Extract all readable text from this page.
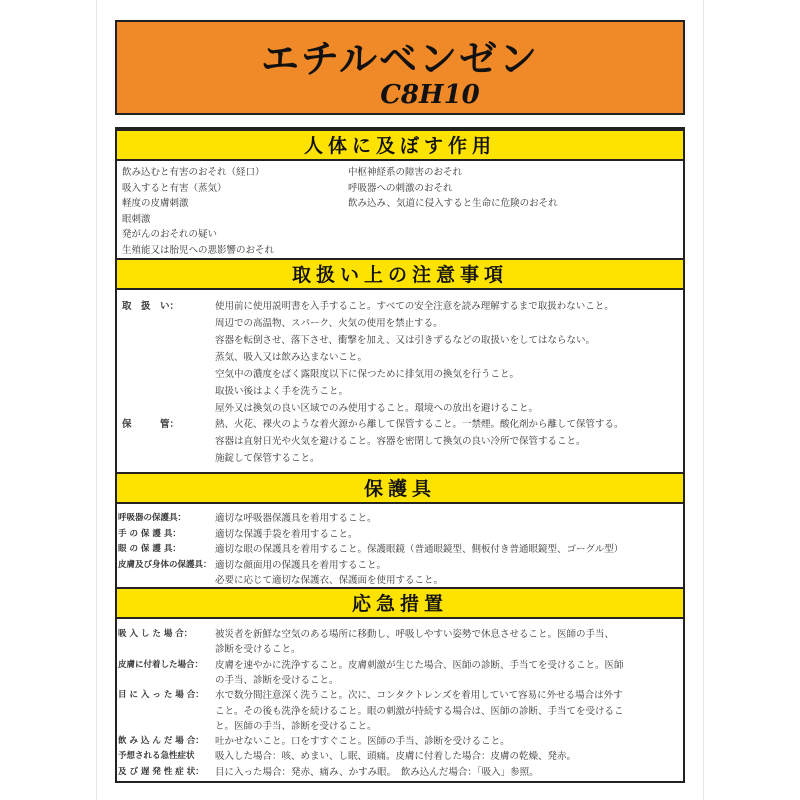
エチルベンゼン
C8H10
人体に及ぼす作用
飲み込むと有害のおそれ（経口）
吸入すると有害（蒸気）
軽度の皮膚刺激
眼刺激
発がんのおそれの疑い
生殖能又は胎児への悪影響のおそれ
中枢神経系の障害のおそれ
呼吸器への刺激のおそれ
飲み込み、気道に侵入すると生命に危険のおそれ
取扱い上の注意事項
取　扱　い：	使用前に使用説明書を入手すること。すべての安全注意を読み理解するまで取扱わないこと。
周辺での高温物、スパーク、火気の使用を禁止する。
容器を転倒させ、落下させ、衝撃を加え、又は引きずるなどの取扱いをしてはならない。
蒸気、吸入又は飲み込まないこと。
空気中の濃度をばく露限度以下に保つために排気用の換気を行うこと。
取扱い後はよく手を洗うこと。
屋外又は換気の良い区域でのみ使用すること。環境への放出を避けること。
保　　　管：	熱、火花、裸火のような着火源から離して保管すること。一禁煙。酸化剤から離して保管する。
容器は直射日光や火気を避けること。容器を密閉して換気の良い冷所で保管すること。
施錠して保管すること。
保護具
呼吸器の保護具：	適切な呼吸器保護具を着用すること。
手 の 保 護 具：	適切な保護手袋を着用すること。
眼 の 保 護 具：	適切な眼の保護具を着用すること。保護眼鏡（普通眼鏡型、側板付き普通眼鏡型、ゴーグル型）
皮膚及び身体の保護具： 適切な顔面用の保護具を着用すること。
必要に応じて適切な保護衣、保護面を使用すること。
応急措置
吸 入 し た 場 合： 被災者を新鮮な空気のある場所に移動し、呼吸しやすい姿勢で休息させること。医師の手当、
診断を受けること。
皮膚に付着した場合： 皮膚を速やかに洗浄すること。皮膚刺激が生じた場合、医師の診断、手当てを受けること。医師
の手当、診断を受けること。
目 に 入 っ た 場 合： 水で数分間注意深く洗うこと。次に、コンタクトレンズを着用していて容易に外せる場合は外す
こと。その後も洗浄を続けること。眼の刺激が持続する場合は、医師の診断、手当てを受けるこ
と。医師の手当、診断を受けること。
飲 み 込 ん だ 場 合： 吐かせないこと。口をすすぐこと。医師の手当、診断を受けること。
予想される急性症状 吸入した場合：咳、めまい、し眠、頭痛。皮膚に付着した場合：皮膚の乾燥、発赤。
及 び 遅 発 性 症 状： 目に入った場合：発赤、痛み、かすみ眼。　飲み込んだ場合：「吸入」参照。
